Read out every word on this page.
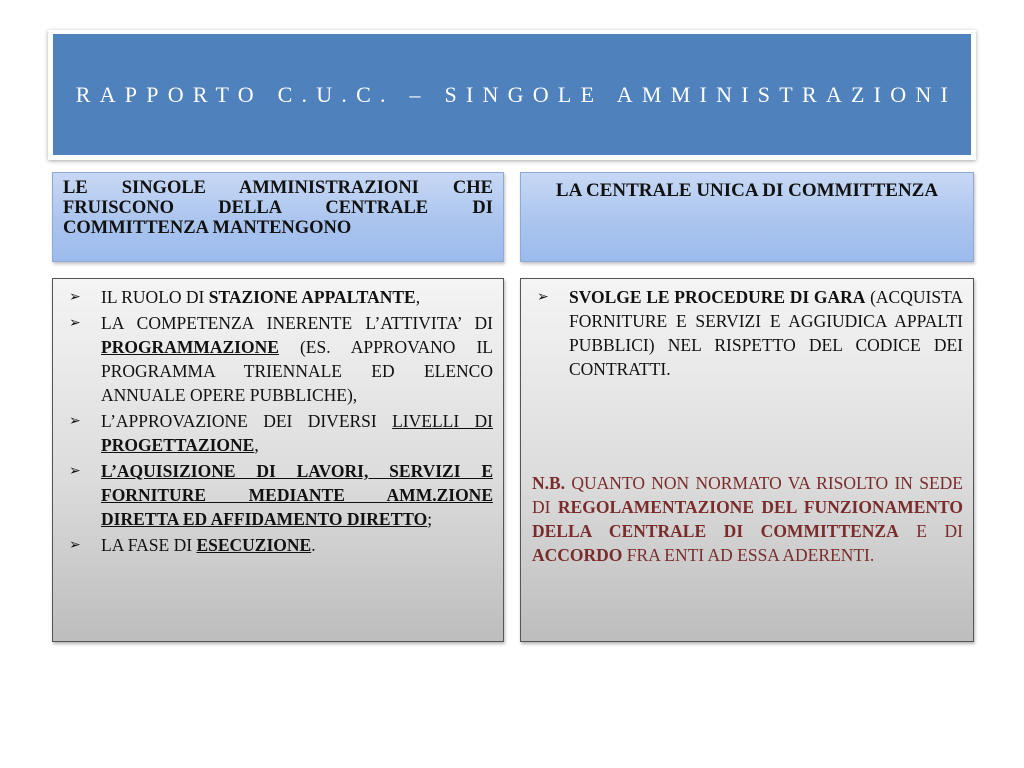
RAPPORTO C.U.C. – SINGOLE AMMINISTRAZIONI
LE SINGOLE AMMINISTRAZIONI CHE FRUISCONO DELLA CENTRALE DI COMMITTENZA MANTENGONO
LA CENTRALE UNICA DI COMMITTENZA
➢ IL RUOLO DI STAZIONE APPALTANTE,
➢ LA COMPETENZA INERENTE L’ATTIVITA’ DI PROGRAMMAZIONE (ES. APPROVANO IL PROGRAMMA TRIENNALE ED ELENCO ANNUALE OPERE PUBBLICHE),
➢ L’APPROVAZIONE DEI DIVERSI LIVELLI DI PROGETTAZIONE,
➢ L’AQUISIZIONE DI LAVORI, SERVIZI E FORNITURE MEDIANTE AMM.ZIONE DIRETTA ED AFFIDAMENTO DIRETTO;
➢ LA FASE DI ESECUZIONE.
➢ SVOLGE LE PROCEDURE DI GARA (ACQUISTA FORNITURE E SERVIZI E AGGIUDICA APPALTI PUBBLICI) NEL RISPETTO DEL CODICE DEI CONTRATTI.
N.B. QUANTO NON NORMATO VA RISOLTO IN SEDE DI REGOLAMENTAZIONE DEL FUNZIONAMENTO DELLA CENTRALE DI COMMITTENZA E DI ACCORDO FRA ENTI AD ESSA ADERENTI.
